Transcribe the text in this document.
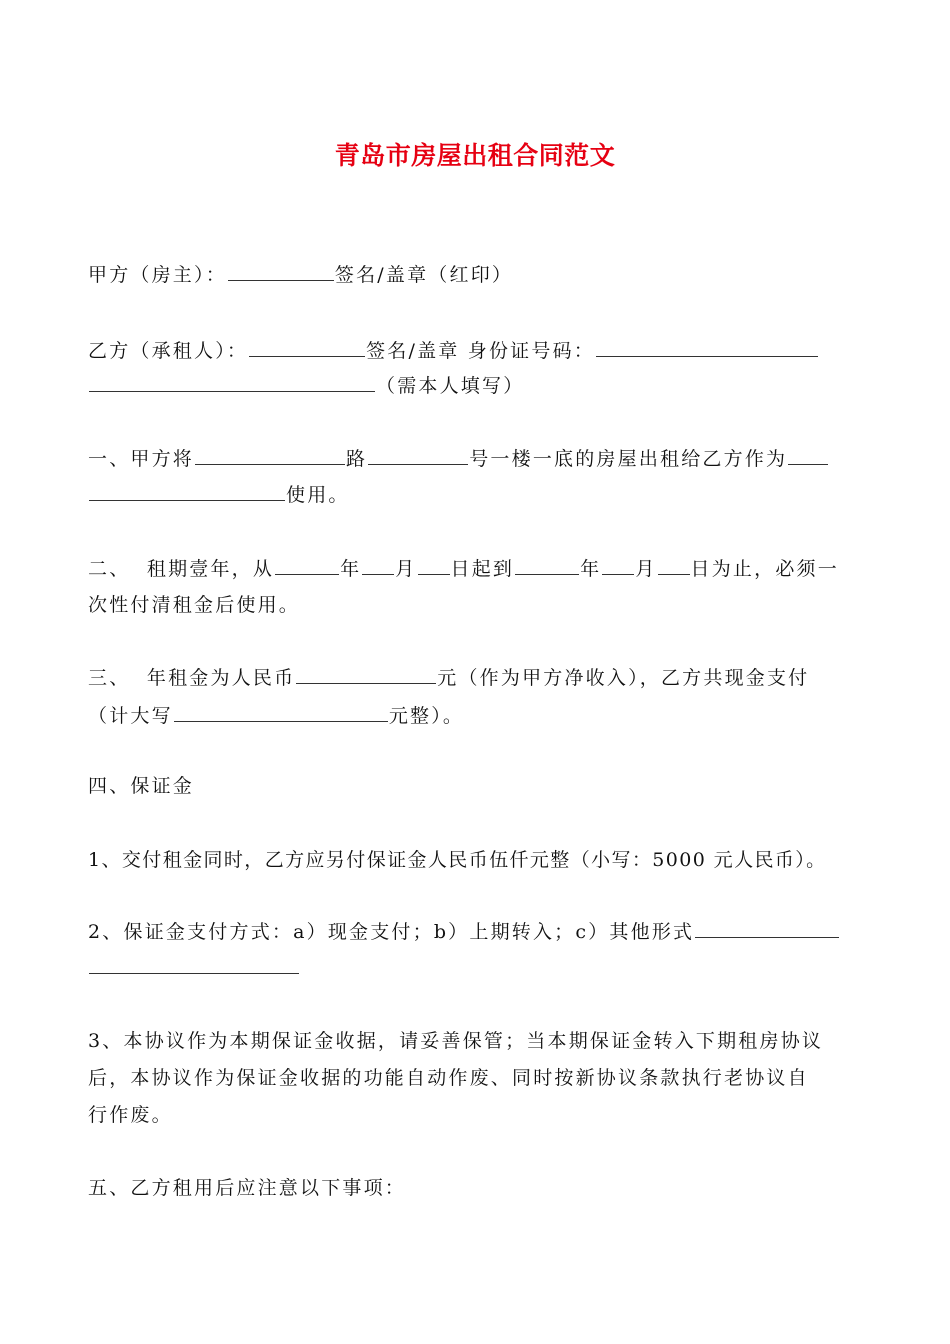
青岛市房屋出租合同范文
甲方（房主）：	签名/盖章（红印）
乙方（承租人）：	签名/盖章 身份证号码：
（需本人填写）
一、甲方将	路	号一楼一底的房屋出租给乙方作为
使用。
二、  租期壹年，从	年 月 日起到	年 月 日为止，必须一
次性付清租金后使用。
三、  年租金为人民币	元（作为甲方净收入），乙方共现金支付
（计大写	元整）。
四、保证金
1、交付租金同时，乙方应另付保证金人民币伍仟元整（小写：5000 元人民币）。
2、保证金支付方式：a）现金支付；b）上期转入；c）其他形式
3、本协议作为本期保证金收据，请妥善保管；当本期保证金转入下期租房协议
后，本协议作为保证金收据的功能自动作废、同时按新协议条款执行老协议自
行作废。
五、乙方租用后应注意以下事项：
